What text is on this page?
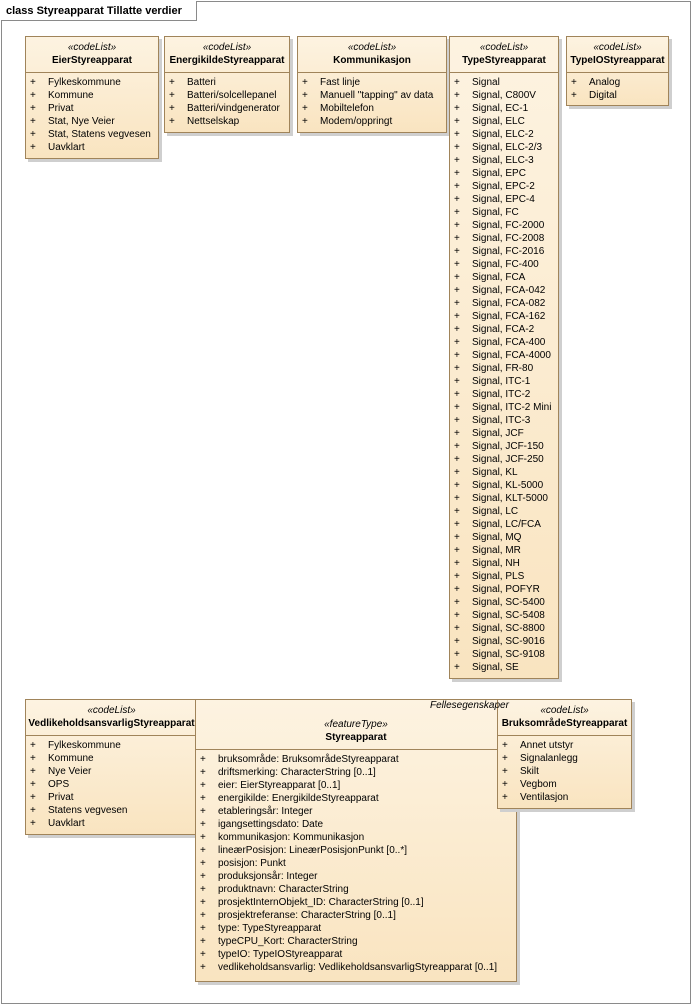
class Styreapparat Tillatte verdier
«codeList»
EierStyreapparat
+ Fylkeskommune
+ Kommune
+ Privat
+ Stat, Nye Veier
+ Stat, Statens vegvesen
+ Uavklart
«codeList»
EnergikildeStyreapparat
+ Batteri
+ Batteri/solcellepanel
+ Batteri/vindgenerator
+ Nettselskap
«codeList»
Kommunikasjon
+ Fast linje
+ Manuell "tapping" av data
+ Mobiltelefon
+ Modem/oppringt
«codeList»
TypeStyreapparat
+ Signal
+ Signal, C800V
+ Signal, EC-1
+ Signal, ELC
+ Signal, ELC-2
+ Signal, ELC-2/3
+ Signal, ELC-3
+ Signal, EPC
+ Signal, EPC-2
+ Signal, EPC-4
+ Signal, FC
+ Signal, FC-2000
+ Signal, FC-2008
+ Signal, FC-2016
+ Signal, FC-400
+ Signal, FCA
+ Signal, FCA-042
+ Signal, FCA-082
+ Signal, FCA-162
+ Signal, FCA-2
+ Signal, FCA-400
+ Signal, FCA-4000
+ Signal, FR-80
+ Signal, ITC-1
+ Signal, ITC-2
+ Signal, ITC-2 Mini
+ Signal, ITC-3
+ Signal, JCF
+ Signal, JCF-150
+ Signal, JCF-250
+ Signal, KL
+ Signal, KL-5000
+ Signal, KLT-5000
+ Signal, LC
+ Signal, LC/FCA
+ Signal, MQ
+ Signal, MR
+ Signal, NH
+ Signal, PLS
+ Signal, POFYR
+ Signal, SC-5400
+ Signal, SC-5408
+ Signal, SC-8800
+ Signal, SC-9016
+ Signal, SC-9108
+ Signal, SE
«codeList»
TypeIOStyreapparat
+ Analog
+ Digital
«codeList»
VedlikeholdsansvarligStyreapparat
+ Fylkeskommune
+ Kommune
+ Nye Veier
+ OPS
+ Privat
+ Statens vegvesen
+ Uavklart
«featureType»
Styreapparat
+ bruksområde: BruksområdeStyreapparat
+ driftsmerking: CharacterString [0..1]
+ eier: EierStyreapparat [0..1]
+ energikilde: EnergikildeStyreapparat
+ etableringsår: Integer
+ igangsettingsdato: Date
+ kommunikasjon: Kommunikasjon
+ lineærPosisjon: LineærPosisjonPunkt [0..*]
+ posisjon: Punkt
+ produksjonsår: Integer
+ produktnavn: CharacterString
+ prosjektInternObjekt_ID: CharacterString [0..1]
+ prosjektreferanse: CharacterString [0..1]
+ type: TypeStyreapparat
+ typeCPU_Kort: CharacterString
+ typeIO: TypeIOStyreapparat
+ vedlikeholdsansvarlig: VedlikeholdsansvarligStyreapparat [0..1]
«codeList»
BruksområdeStyreapparat
+ Annet utstyr
+ Signalanlegg
+ Skilt
+ Vegbom
+ Ventilasjon
Fellesegenskaper
